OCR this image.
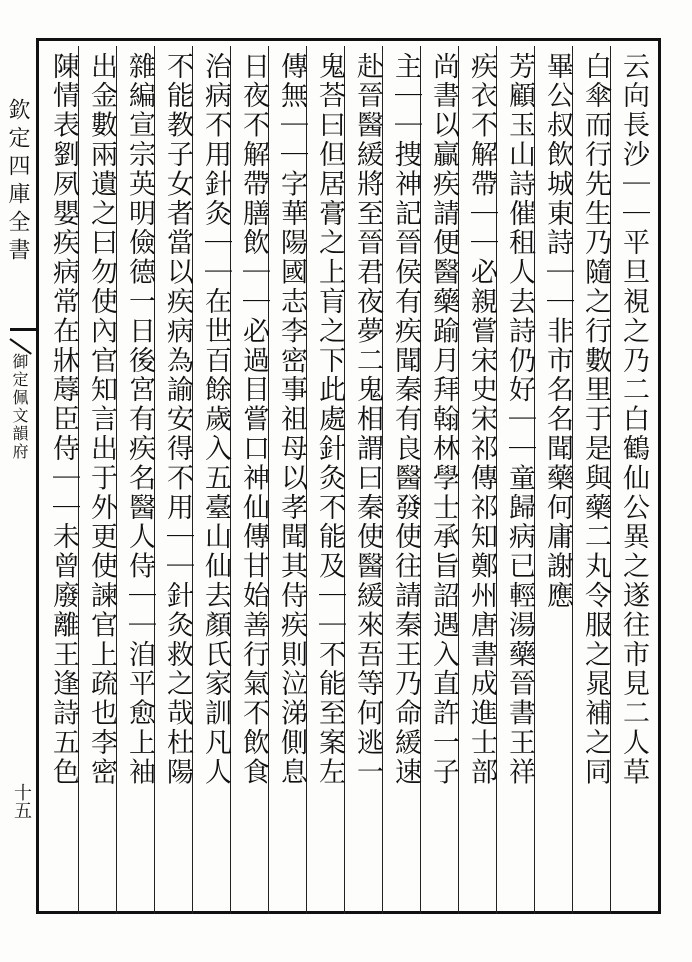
欽定四庫全書
御定佩文韻府
十五
云向長沙｜｜平旦視之乃二白鶴仙公異之遂往市見二人草
白傘而行先生乃隨之行數里于是與藥二丸令服之晁補之同
畢公叔飲城東詩｜｜非市名名聞藥何庸謝應
芳顧玉山詩催租人去詩仍好｜｜童歸病已輕湯藥晉書王祥
疾衣不解帶｜｜必親嘗宋史宋祁傳祁知鄭州唐書成進士部
尚書以贏疾請便醫藥踰月拜翰林學士承旨詔遇入直許一子
主｜｜捜神記晉侯有疾聞秦有良醫發使往請秦王乃命緩速
赴晉醫緩將至晉君夜夢二鬼相謂曰秦使醫緩來吾等何逃一
鬼荅曰但居膏之上肓之下此處針灸不能及｜｜不能至案左
傳無｜｜字華陽國志李密事祖母以孝聞其侍疾則泣涕側息
日夜不解帶膳飲｜｜必過目嘗口神仙傳甘始善行氣不飲食
治病不用針灸｜｜在世百餘歲入五臺山仙去顏氏家訓凡人
不能教子女者當以疾病為諭安得不用｜｜針灸救之哉杜陽
雜編宣宗英明儉德一日後宮有疾名醫人侍｜｜洎平愈上袖
出金數兩遺之曰勿使內官知言出于外更使諫官上疏也李密
陳情表劉夙嬰疾病常在牀蓐臣侍｜｜未曾廢離王逢詩五色
